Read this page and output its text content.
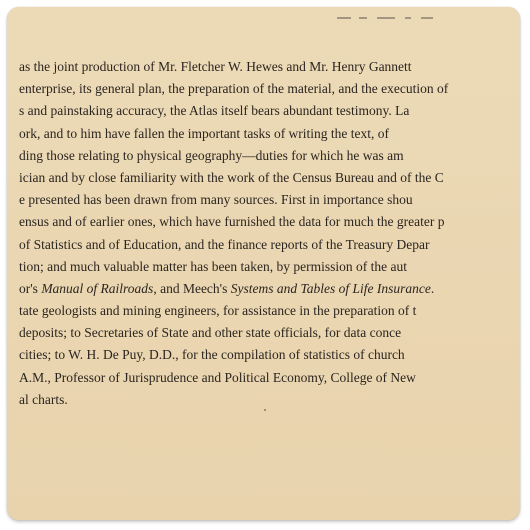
as the joint production of Mr. Fletcher W. Hewes and Mr. Henry Gannett
enterprise, its general plan, the preparation of the material, and the execution of
s and painstaking accuracy, the Atlas itself bears abundant testimony. La
ork, and to him have fallen the important tasks of writing the text, of
ding those relating to physical geography—duties for which he was am
ician and by close familiarity with the work of the Census Bureau and of the C
e presented has been drawn from many sources. First in importance shou
ensus and of earlier ones, which have furnished the data for much the greater p
of Statistics and of Education, and the finance reports of the Treasury Depar
tion; and much valuable matter has been taken, by permission of the aut
or's Manual of Railroads, and Meech's Systems and Tables of Life Insurance.
tate geologists and mining engineers, for assistance in the preparation of t
deposits; to Secretaries of State and other state officials, for data conce
cities; to W. H. De Puy, D.D., for the compilation of statistics of church
A.M., Professor of Jurisprudence and Political Economy, College of New
al charts.
